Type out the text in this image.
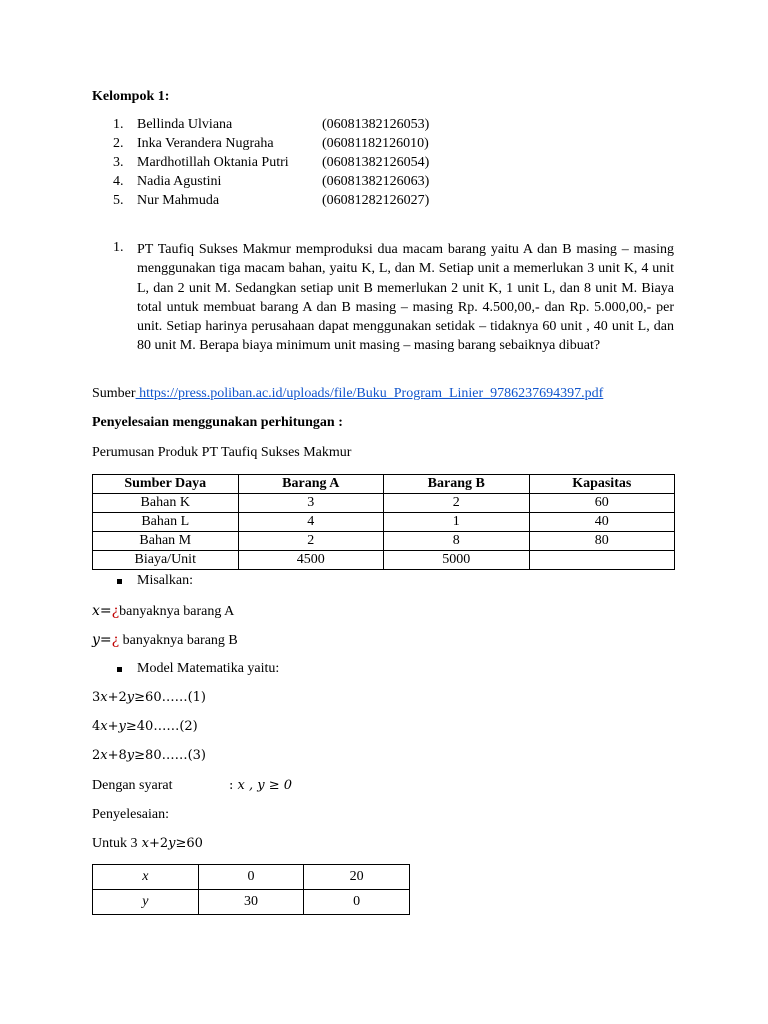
Kelompok 1:
1. Bellinda Ulviana	(06081382126053)
2. Inka Verandera Nugraha	(06081182126010)
3. Mardhotillah Oktania Putri (06081382126054)
4. Nadia Agustini	(06081382126063)
5. Nur Mahmuda	(06081282126027)
1. PT Taufiq Sukses Makmur memproduksi dua macam barang yaitu A dan B masing – masing menggunakan tiga macam bahan, yaitu K, L, dan M. Setiap unit a memerlukan 3 unit K, 4 unit L, dan 2 unit M. Sedangkan setiap unit B memerlukan 2 unit K, 1 unit L, dan 8 unit M. Biaya total untuk membuat barang A dan B masing – masing Rp. 4.500,00,- dan Rp. 5.000,00,- per unit. Setiap harinya perusahaan dapat menggunakan setidak – tidaknya 60 unit , 40 unit L, dan 80 unit M. Berapa biaya minimum unit masing – masing barang sebaiknya dibuat?
Sumber https://press.poliban.ac.id/uploads/file/Buku_Program_Linier_9786237694397.pdf
Penyelesaian menggunakan perhitungan :
Perumusan Produk PT Taufiq Sukses Makmur
Sumber Daya	Barang A	Barang B	Kapasitas
Bahan K	3	2	60
Bahan L	4	1	40
Bahan M	2	8	80
Biaya/Unit	4500	5000	
Misalkan:
x=¿banyaknya barang A
y=¿ banyaknya barang B
Model Matematika yaitu:
3x+2y≥60……(1)
4x+y≥40……(2)
2x+8y≥80……(3)
Dengan syarat	: x , y ≥ 0
Penyelesaian:
Untuk 3 x+2y≥60
x	0	20
y	30	0
